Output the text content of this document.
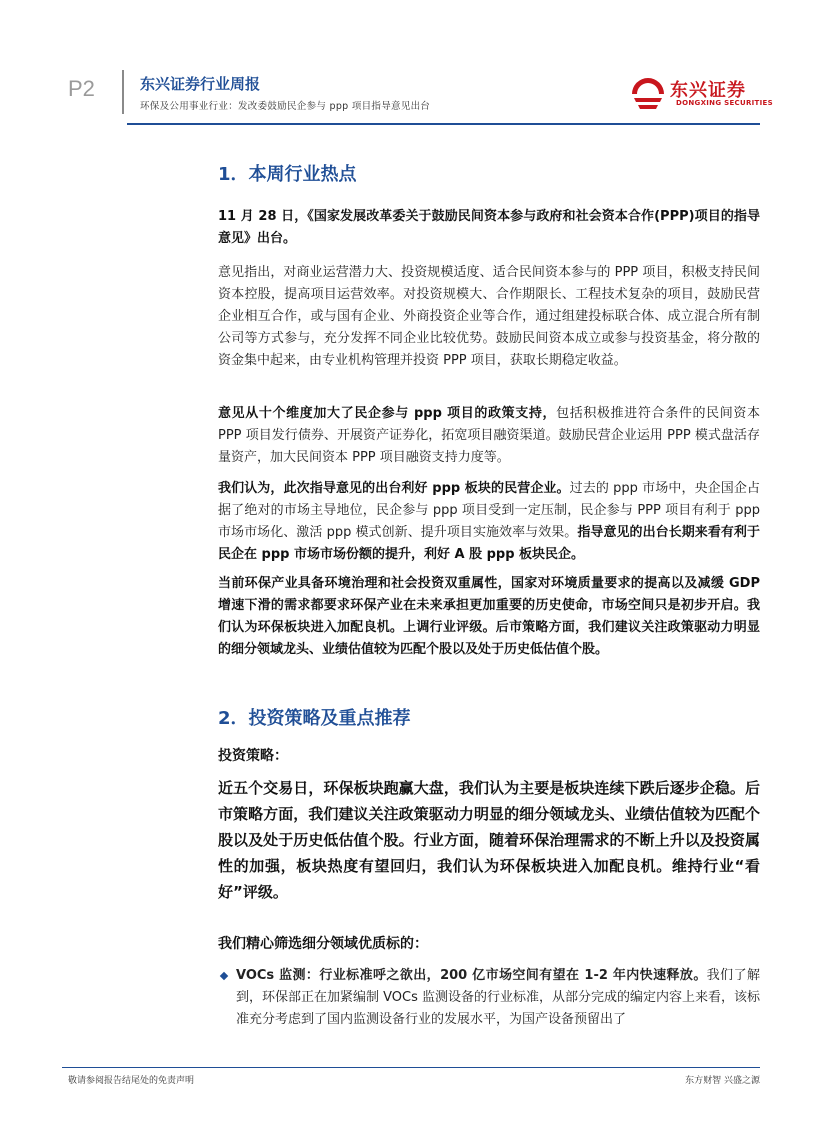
P2	东兴证券行业周报
环保及公用事业行业：发改委鼓励民企参与 ppp 项目指导意见出台
东兴证券
DONGXING SECURITIES
1．本周行业热点
11 月 28 日，《国家发展改革委关于鼓励民间资本参与政府和社会资本合作(PPP)项目的指导意见》出台。
意见指出，对商业运营潜力大、投资规模适度、适合民间资本参与的 PPP 项目，积极支持民间资本控股，提高项目运营效率。对投资规模大、合作期限长、工程技术复杂的项目，鼓励民营企业相互合作，或与国有企业、外商投资企业等合作，通过组建投标联合体、成立混合所有制公司等方式参与，充分发挥不同企业比较优势。鼓励民间资本成立或参与投资基金，将分散的资金集中起来，由专业机构管理并投资 PPP 项目，获取长期稳定收益。
意见从十个维度加大了民企参与 ppp 项目的政策支持，包括积极推进符合条件的民间资本 PPP 项目发行债券、开展资产证券化，拓宽项目融资渠道。鼓励民营企业运用 PPP 模式盘活存量资产，加大民间资本 PPP 项目融资支持力度等。
我们认为，此次指导意见的出台利好 ppp 板块的民营企业。过去的 ppp 市场中，央企国企占据了绝对的市场主导地位，民企参与 ppp 项目受到一定压制，民企参与 PPP 项目有利于 ppp 市场市场化、激活 ppp 模式创新、提升项目实施效率与效果。指导意见的出台长期来看有利于民企在 ppp 市场市场份额的提升，利好 A 股 ppp 板块民企。
当前环保产业具备环境治理和社会投资双重属性，国家对环境质量要求的提高以及减缓 GDP 增速下滑的需求都要求环保产业在未来承担更加重要的历史使命，市场空间只是初步开启。我们认为环保板块进入加配良机。上调行业评级。后市策略方面，我们建议关注政策驱动力明显的细分领域龙头、业绩估值较为匹配个股以及处于历史低估值个股。
2．投资策略及重点推荐
投资策略：
近五个交易日，环保板块跑赢大盘，我们认为主要是板块连续下跌后逐步企稳。后市策略方面，我们建议关注政策驱动力明显的细分领域龙头、业绩估值较为匹配个股以及处于历史低估值个股。行业方面，随着环保治理需求的不断上升以及投资属性的加强，板块热度有望回归，我们认为环保板块进入加配良机。维持行业“看好”评级。
我们精心筛选细分领域优质标的：
VOCs 监测：行业标准呼之欲出，200 亿市场空间有望在 1-2 年内快速释放。我们了解到，环保部正在加紧编制 VOCs 监测设备的行业标准，从部分完成的编定内容上来看，该标准充分考虑到了国内监测设备行业的发展水平，为国产设备预留出了
敬请参阅报告结尾处的免责声明	东方财智 兴盛之源
